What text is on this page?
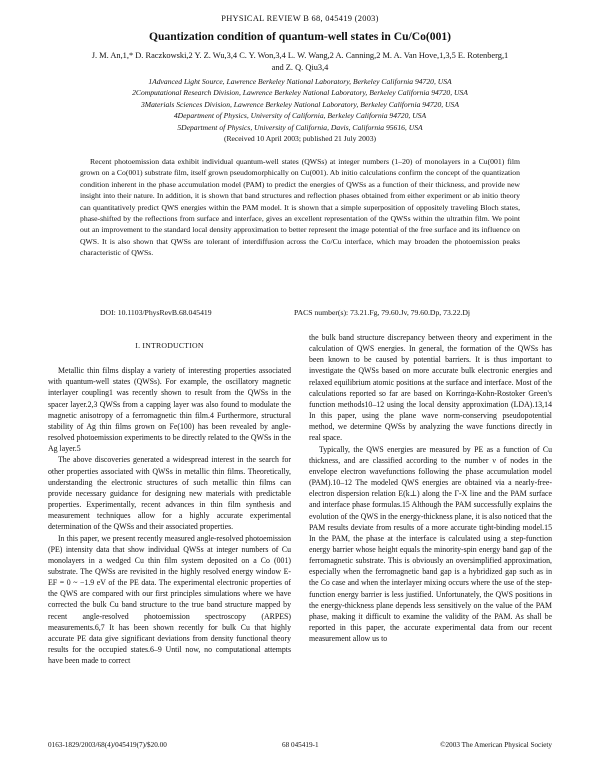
PHYSICAL REVIEW B 68, 045419 (2003)
Quantization condition of quantum-well states in Cu/Co(001)
J. M. An,1,* D. Raczkowski,2 Y. Z. Wu,3,4 C. Y. Won,3,4 L. W. Wang,2 A. Canning,2 M. A. Van Hove,1,3,5 E. Rotenberg,1
and Z. Q. Qiu3,4
1Advanced Light Source, Lawrence Berkeley National Laboratory, Berkeley California 94720, USA
2Computational Research Division, Lawrence Berkeley National Laboratory, Berkeley California 94720, USA
3Materials Sciences Division, Lawrence Berkeley National Laboratory, Berkeley California 94720, USA
4Department of Physics, University of California, Berkeley California 94720, USA
5Department of Physics, University of California, Davis, California 95616, USA
(Received 10 April 2003; published 21 July 2003)
Recent photoemission data exhibit individual quantum-well states (QWSs) at integer numbers (1–20) of monolayers in a Cu(001) film grown on a Co(001) substrate film, itself grown pseudomorphically on Cu(001). Ab initio calculations confirm the concept of the quantization condition inherent in the phase accumulation model (PAM) to predict the energies of QWSs as a function of their thickness, and provide new insight into their nature. In addition, it is shown that band structures and reflection phases obtained from either experiment or ab initio theory can quantitatively predict QWS energies within the PAM model. It is shown that a simple superposition of oppositely traveling Bloch states, phase-shifted by the reflections from surface and interface, gives an excellent representation of the QWSs within the ultrathin film. We point out an improvement to the standard local density approximation to better represent the image potential of the free surface and its influence on QWS. It is also shown that QWSs are tolerant of interdiffusion across the Co/Cu interface, which may broaden the photoemission peaks characteristic of QWSs.
DOI: 10.1103/PhysRevB.68.045419	PACS number(s): 73.21.Fg, 79.60.Jv, 79.60.Dp, 73.22.Dj
I. INTRODUCTION

Metallic thin films display a variety of interesting properties associated with quantum-well states (QWSs). For example, the oscillatory magnetic interlayer coupling1 was recently shown to result from the QWSs in the spacer layer.2,3 QWSs from a capping layer was also found to modulate the magnetic anisotropy of a ferromagnetic thin film.4 Furthermore, structural stability of Ag thin films grown on Fe(100) has been revealed by angle-resolved photoemission experiments to be directly related to the QWSs in the Ag layer.5

The above discoveries generated a widespread interest in the search for other properties associated with QWSs in metallic thin films. Theoretically, understanding the electronic structures of such metallic thin films can provide necessary guidance for designing new materials with predictable properties. Experimentally, recent advances in thin film synthesis and measurement techniques allow for a highly accurate experimental determination of the QWSs and their associated properties.

In this paper, we present recently measured angle-resolved photoemission (PE) intensity data that show individual QWSs at integer numbers of Cu monolayers in a wedged Cu thin film system deposited on a Co (001) substrate. The QWSs are revisited in the highly resolved energy window E-EF = 0 ~ −1.9 eV of the PE data. The experimental electronic properties of the QWS are compared with our first principles simulations where we have corrected the bulk Cu band structure to the true band structure mapped by recent angle-resolved photoemission spectroscopy (ARPES) measurements.6,7 It has been shown recently for bulk Cu that highly accurate PE data give significant deviations from density functional theory results for the occupied states.6–9 Until now, no computational attempts have been made to correct

the bulk band structure discrepancy between theory and experiment in the calculation of QWS energies. In general, the formation of the QWSs has been known to be caused by potential barriers. It is thus important to investigate the QWSs based on more accurate bulk electronic energies and relaxed equilibrium atomic positions at the surface and interface. Most of the calculations reported so far are based on Korringa-Kohn-Rostoker Green's function methods10–12 using the local density approximation (LDA).13,14 In this paper, using the plane wave norm-conserving pseudopotential method, we determine QWSs by analyzing the wave functions directly in real space.

Typically, the QWS energies are measured by PE as a function of Cu thickness, and are classified according to the number ν of nodes in the envelope electron wavefunctions following the phase accumulation model (PAM).10–12 The modeled QWS energies are obtained via a nearly-free-electron dispersion relation E(k⊥) along the Γ-X line and the PAM surface and interface phase formulas.15 Although the PAM successfully explains the evolution of the QWS in the energy-thickness plane, it is also noticed that the PAM results deviate from results of a more accurate tight-binding model.15 In the PAM, the phase at the interface is calculated using a step-function energy barrier whose height equals the minority-spin energy band gap of the ferromagnetic substrate. This is obviously an oversimplified approximation, especially when the ferromagnetic band gap is a hybridized gap such as in the Co case and when the interlayer mixing occurs where the use of the step-function energy barrier is less justified. Unfortunately, the QWS positions in the energy-thickness plane depends less sensitively on the value of the PAM phase, making it difficult to examine the validity of the PAM. As shall be reported in this paper, the accurate experimental data from our recent measurement allow us to

0163-1829/2003/68(4)/045419(7)/$20.00	68 045419-1	©2003 The American Physical Society
